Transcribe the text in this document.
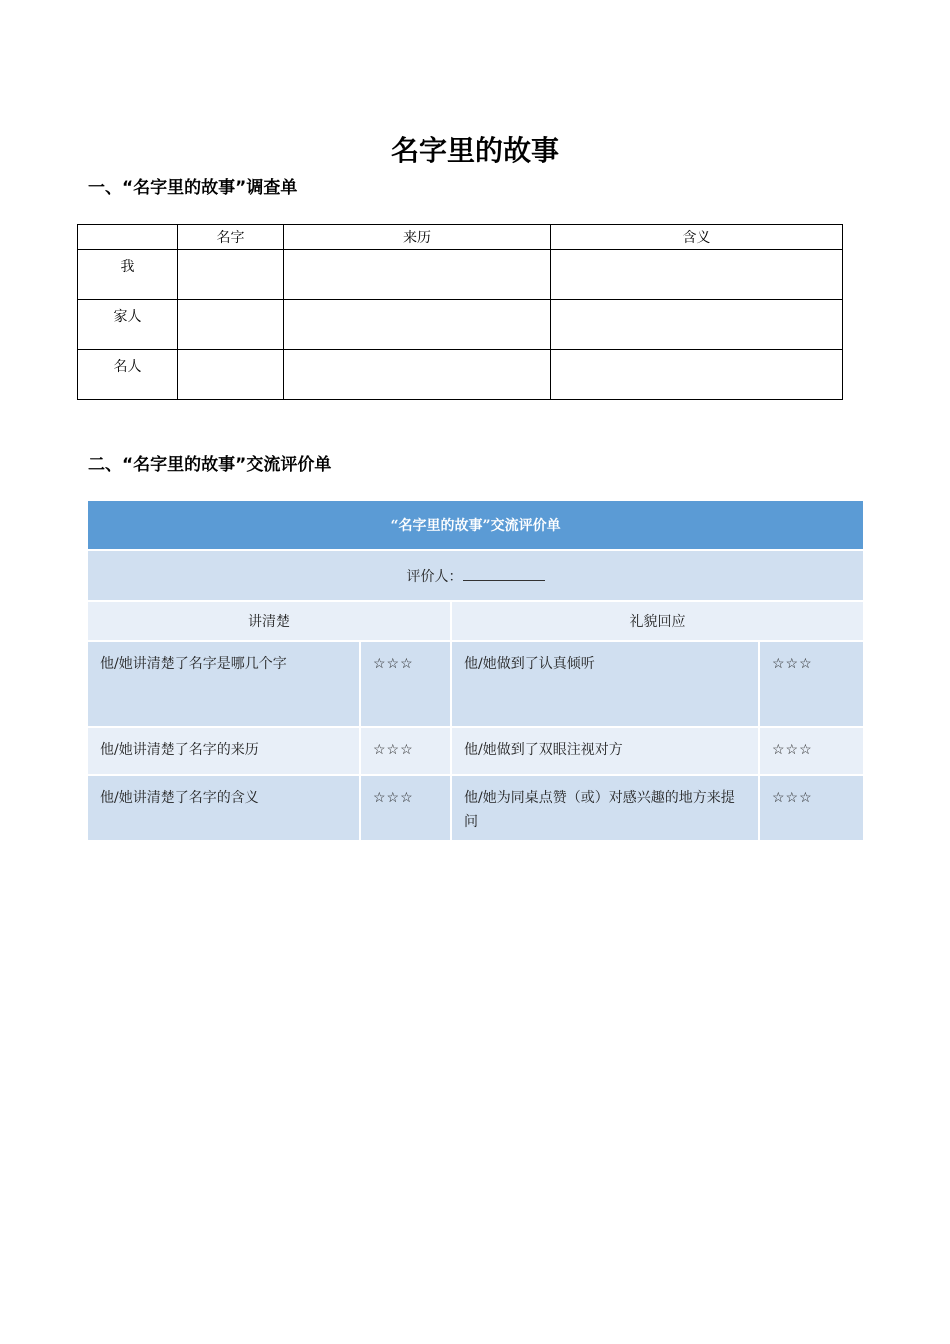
名字里的故事
一、“名字里的故事”调查单
	名字	来历	含义
我			
家人			
名人			
二、“名字里的故事”交流评价单
“名字里的故事”交流评价单			
评价人：			
讲清楚		礼貌回应	
他/她讲清楚了名字是哪几个字	☆☆☆	他/她做到了认真倾听	☆☆☆
他/她讲清楚了名字的来历	☆☆☆	他/她做到了双眼注视对方	☆☆☆
他/她讲清楚了名字的含义	☆☆☆	他/她为同桌点赞（或）对感兴趣的地方来提问	☆☆☆
